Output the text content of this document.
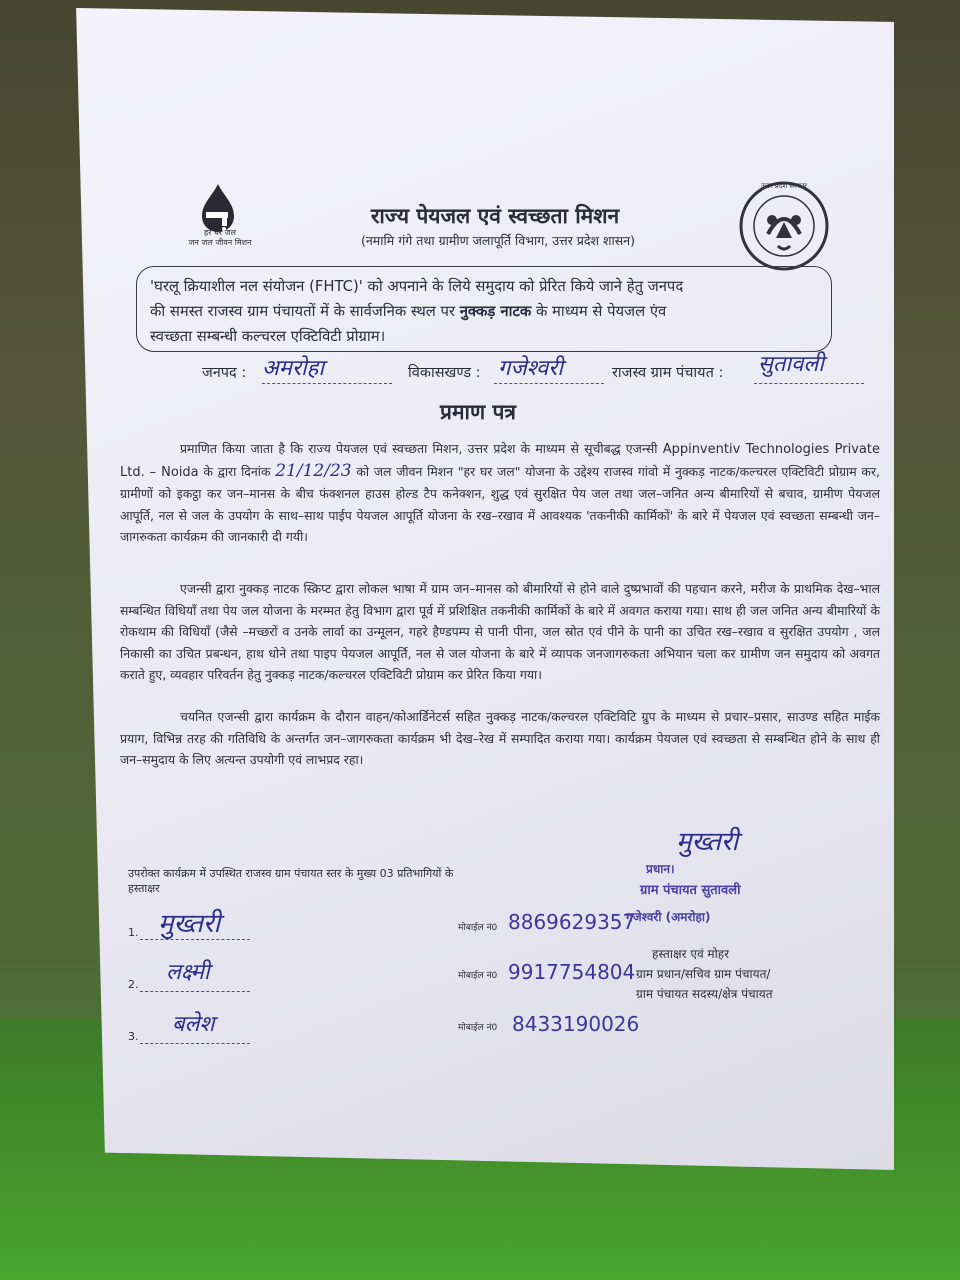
हर घर जल
जन जल जीवन मिशन
उत्तर प्रदेश सरकार
राज्य पेयजल एवं स्वच्छता मिशन
(नमामि गंगे तथा ग्रामीण जलापूर्ति विभाग, उत्तर प्रदेश शासन)
'घरलू क्रियाशील नल संयोजन (FHTC)' को अपनाने के लिये समुदाय को प्रेरित किये जाने हेतु जनपद
की समस्त राजस्व ग्राम पंचायतों में के सार्वजनिक स्थल पर नुक्कड़ नाटक के माध्यम से पेयजल एंव
स्वच्छता सम्बन्धी कल्चरल एक्टिविटी प्रोग्राम।
जनपद : अमरोहा	विकासखण्ड : गजेश्वरी	राजस्व ग्राम पंचायत : सुतावली
प्रमाण पत्र

प्रमाणित किया जाता है कि राज्य पेयजल एवं स्वच्छता मिशन, उत्तर प्रदेश के माध्यम से सूचीबद्ध एजन्सी Appinventiv Technologies Private Ltd. – Noida के द्वारा दिनांक 21/12/23 को जल जीवन मिशन "हर घर जल" योजना के उद्देश्य राजस्व गांवो में नुक्कड़ नाटक/कल्चरल एक्टिविटी प्रोग्राम कर, ग्रामीणों को इकट्ठा कर जन–मानस के बीच फंक्शनल हाउस होल्ड टैप कनेक्शन, शुद्ध एवं सुरक्षित पेय जल तथा जल–जनित अन्य बीमारियों से बचाव, ग्रामीण पेयजल आपूर्ति, नल से जल के उपयोग के साथ–साथ पाईप पेयजल आपूर्ति योजना के रख–रखाव में आवश्यक 'तकनीकी कार्मिकों' के बारे में पेयजल एवं स्वच्छता सम्बन्धी जन–जागरुकता कार्यक्रम की जानकारी दी गयी।

एजन्सी द्वारा नुक्कड़ नाटक स्क्रिप्ट द्वारा लोकल भाषा में ग्राम जन–मानस को बीमारियों से होने वाले दुष्प्रभावों की पहचान करने, मरीज के प्राथमिक देख–भाल सम्बन्धित विधियाँ तथा पेय जल योजना के मरम्मत हेतु विभाग द्वारा पूर्व में प्रशिक्षित तकनीकी कार्मिकों के बारे में अवगत कराया गया। साथ ही जल जनित अन्य बीमारियों के रोकथाम की विधियाँ (जैसे –मच्छरों व उनके लार्वा का उन्मूलन, गहरे हैण्डपम्प से पानी पीना, जल स्रोत एवं पीने के पानी का उचित रख–रखाव व सुरक्षित उपयोग , जल निकासी का उचित प्रबन्धन, हाथ धोने तथा पाइप पेयजल आपूर्ति, नल से जल योजना के बारे में व्यापक जनजागरुकता अभियान चला कर ग्रामीण जन समुदाय को अवगत कराते हुए, व्यवहार परिवर्तन हेतु नुक्कड़ नाटक/कल्चरल एक्टिविटी प्रोग्राम कर प्रेरित किया गया।

चयनित एजन्सी द्वारा कार्यक्रम के दौरान वाहन/कोआर्डिनेटर्स सहित नुक्कड़ नाटक/कल्चरल एक्टिविटि ग्रुप के माध्यम से प्रचार–प्रसार, साउण्ड सहित माईक प्रयाग, विभिन्न तरह की गतिविधि के अन्तर्गत जन–जागरुकता कार्यक्रम भी देख–रेख में सम्पादित कराया गया। कार्यक्रम पेयजल एवं स्वच्छता से सम्बन्धित होने के साथ ही जन–समुदाय के लिए अत्यन्त उपयोगी एवं लाभप्रद रहा।

मुख्तरी
प्रधान।
ग्राम पंचायत सुतावली
उपरोक्त कार्यक्रम में उपस्थित राजस्व ग्राम पंचायत स्तर के मुख्य 03 प्रतिभागियों के
हस्ताक्षर
1. मुख्तरी	मोबाईल नं0 8869629357
गजेश्वरी (अमरोहा)
2. लक्ष्मी	मोबाईल नं0 9917754804
3. बलेश	मोबाईल नं0 8433190026
हस्ताक्षर एवं मोहर
ग्राम प्रधान/सचिव ग्राम पंचायत/
ग्राम पंचायत सदस्य/क्षेत्र पंचायत
